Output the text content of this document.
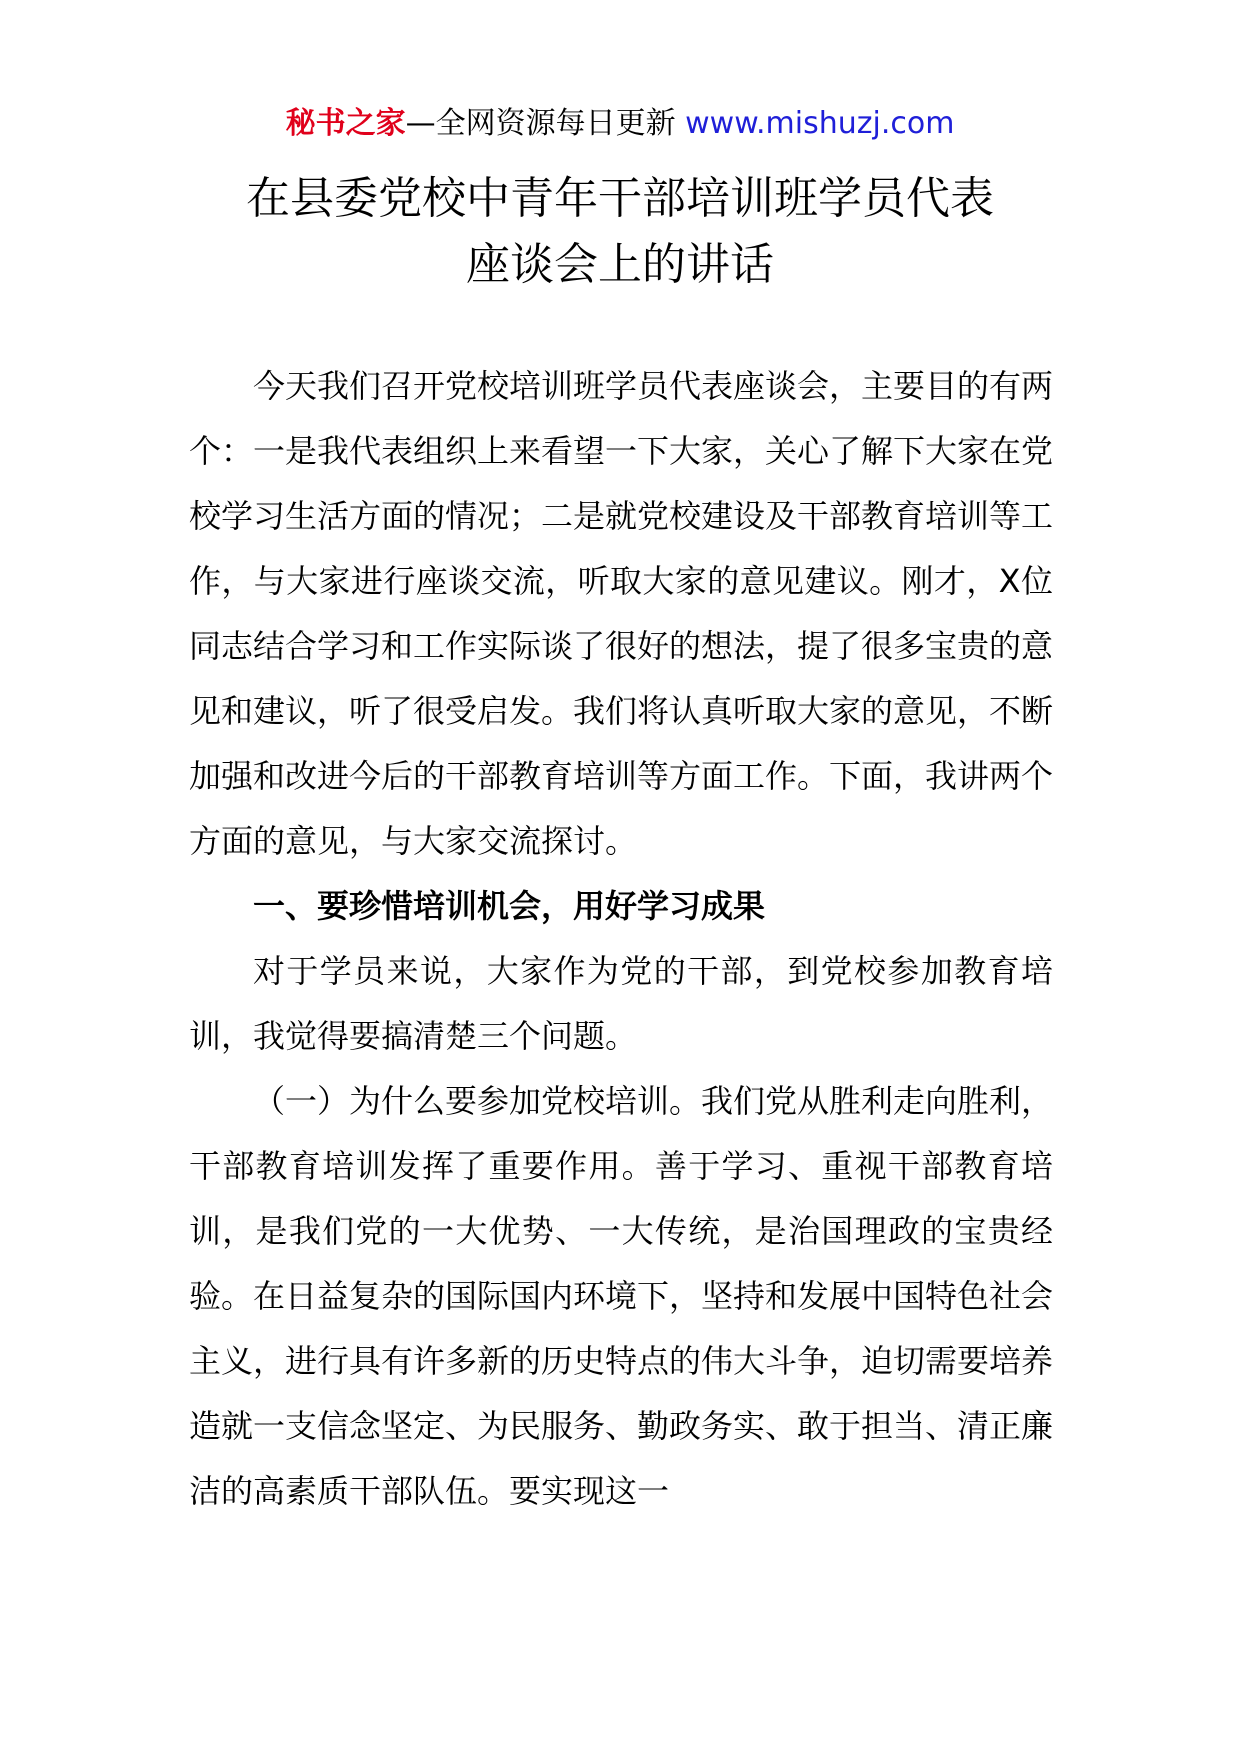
秘书之家—全网资源每日更新 www.mishuzj.com
在县委党校中青年干部培训班学员代表
座谈会上的讲话

今天我们召开党校培训班学员代表座谈会，主要目的有两个：一是我代表组织上来看望一下大家，关心了解下大家在党校学习生活方面的情况；二是就党校建设及干部教育培训等工作，与大家进行座谈交流，听取大家的意见建议。刚才，X位同志结合学习和工作实际谈了很好的想法，提了很多宝贵的意见和建议，听了很受启发。我们将认真听取大家的意见，不断加强和改进今后的干部教育培训等方面工作。下面，我讲两个方面的意见，与大家交流探讨。

一、要珍惜培训机会，用好学习成果

对于学员来说，大家作为党的干部，到党校参加教育培训，我觉得要搞清楚三个问题。

（一）为什么要参加党校培训。我们党从胜利走向胜利，干部教育培训发挥了重要作用。善于学习、重视干部教育培训，是我们党的一大优势、一大传统，是治国理政的宝贵经验。在日益复杂的国际国内环境下，坚持和发展中国特色社会主义，进行具有许多新的历史特点的伟大斗争，迫切需要培养造就一支信念坚定、为民服务、勤政务实、敢于担当、清正廉洁的高素质干部队伍。要实现这一
